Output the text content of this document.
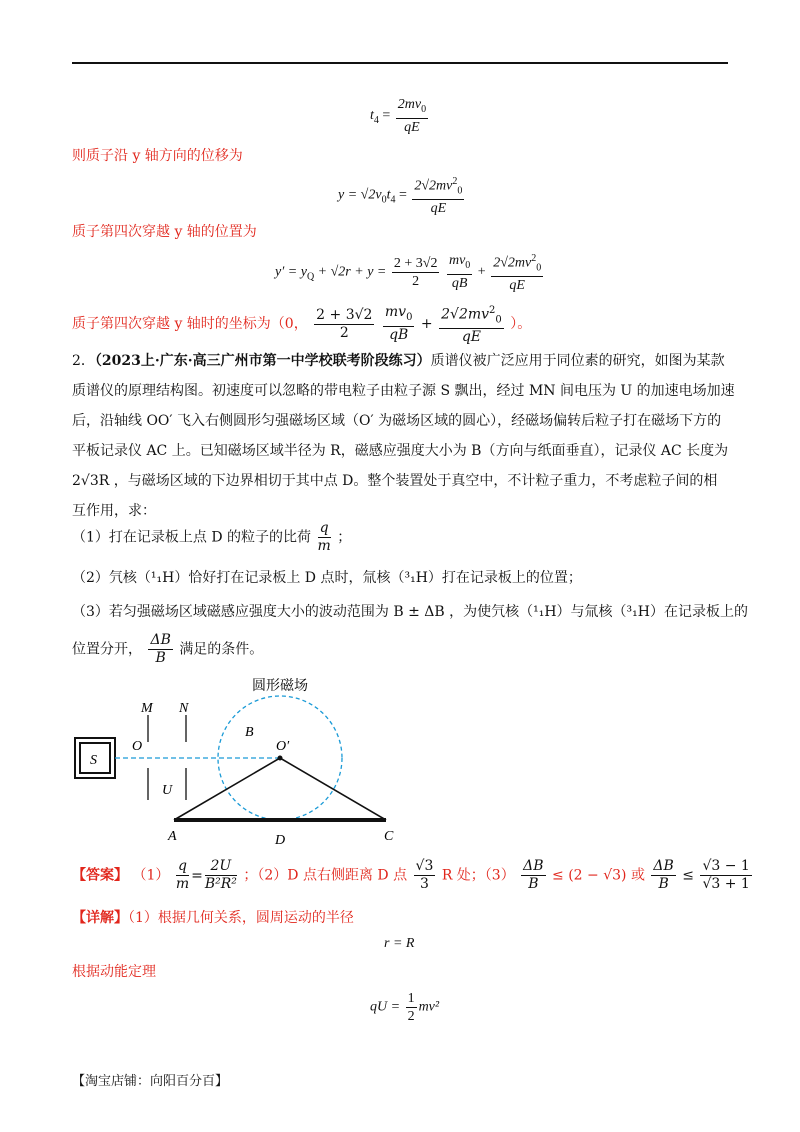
$t_4 = \frac{2mv_0}{qE}$
则质子沿 y 轴方向的位移为
$y = √2v_0t_4 = \frac{2√2mv^2_0}{qE}$
质子第四次穿越 y 轴的位置为
$y' = y_Q + √2r + y = \frac{2 + 3√2}{2}$
$\frac{mv_0}{qB} + \frac{2√2mv^2_0}{qE}$
质子第四次穿越 y 轴时的坐标为（0， $\frac{2 + 3√2}{2}$
$\frac{mv_0}{qB} + \frac{2√2mv^2_0}{qE}$ ）。
2．（2023上·广东·高三广州市第一中学校联考阶段练习）质谱仪被广泛应用于同位素的研究，如图为某款
质谱仪的原理结构图。初速度可以忽略的带电粒子由粒子源 S 飘出，经过 MN 间电压为 U 的加速电场加速
后，沿轴线 OO′ 飞入右侧圆形匀强磁场区域（O′ 为磁场区域的圆心），经磁场偏转后粒子打在磁场下方的
平板记录仪 AC 上。已知磁场区域半径为 R，磁感应强度大小为 B（方向与纸面垂直），记录仪 AC 长度为
2√3R ，与磁场区域的下边界相切于其中点 D。整个装置处于真空中，不计粒子重力，不考虑粒子间的相
互作用，求：
（1）打在记录板上点 D 的粒子的比荷 $\frac{q}{m}$ ；
（2）氕核（¹₁H）恰好打在记录板上 D 点时，氚核（³₁H）打在记录板上的位置；
（3）若匀强磁场区域磁感应强度大小的波动范围为 B ± ΔB ，为使氕核（¹₁H）与氚核（³₁H）在记录板上的
位置分开， $\frac{\Delta B}{B}$ 满足的条件。
圆形磁场
S
M N
O
U
O′
B
A	D	C
【答案】 $(1) \frac{q}{m} = \frac{2U}{\text{B²R²}}$ ；（2）D 点右侧距离 D 点 $\frac{√3}{3}$ R 处；$(3) \frac{\Delta B}{B} \le (2 - √3)$ 或 $\frac{\Delta B}{B} \le \frac{√3 - 1}{√3 + 1}$
【详解】（1）根据几何关系，圆周运动的半径
r = R
根据动能定理
qU = $\frac{1}{2} mv^2$
【淘宝店铺：向阳百分百】
